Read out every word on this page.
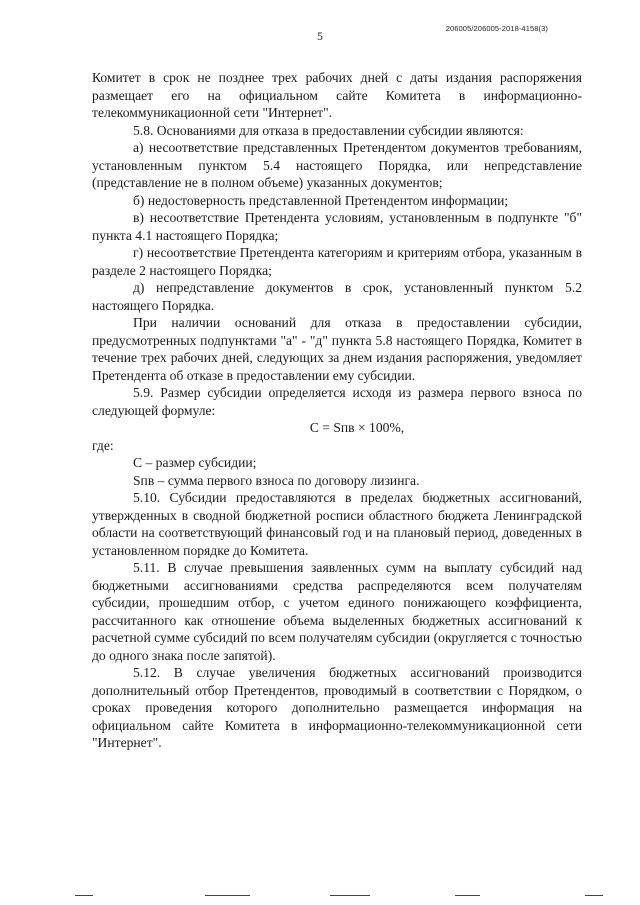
206005/206005-2018-4158(3)
5

Комитет в срок не позднее трех рабочих дней с даты издания распоряжения размещает его на официальном сайте Комитета в информационно-телекоммуникационной сети "Интернет".

5.8. Основаниями для отказа в предоставлении субсидии являются:

а) несоответствие представленных Претендентом документов требованиям, установленным пунктом 5.4 настоящего Порядка, или непредставление (представление не в полном объеме) указанных документов;

б) недостоверность представленной Претендентом информации;

в) несоответствие Претендента условиям, установленным в подпункте "б" пункта 4.1 настоящего Порядка;

г) несоответствие Претендента категориям и критериям отбора, указанным в разделе 2 настоящего Порядка;

д) непредставление документов в срок, установленный пунктом 5.2 настоящего Порядка.

При наличии оснований для отказа в предоставлении субсидии, предусмотренных подпунктами "а" - "д" пункта 5.8 настоящего Порядка, Комитет в течение трех рабочих дней, следующих за днем издания распоряжения, уведомляет Претендента об отказе в предоставлении ему субсидии.

5.9. Размер субсидии определяется исходя из размера первого взноса по следующей формуле:

С = Sпв × 100%,

где:

С – размер субсидии;

Sпв – сумма первого взноса по договору лизинга.

5.10. Субсидии предоставляются в пределах бюджетных ассигнований, утвержденных в сводной бюджетной росписи областного бюджета Ленинградской области на соответствующий финансовый год и на плановый период, доведенных в установленном порядке до Комитета.

5.11. В случае превышения заявленных сумм на выплату субсидий над бюджетными ассигнованиями средства распределяются всем получателям субсидии, прошедшим отбор, с учетом единого понижающего коэффициента, рассчитанного как отношение объема выделенных бюджетных ассигнований к расчетной сумме субсидий по всем получателям субсидии (округляется с точностью до одного знака после запятой).

5.12. В случае увеличения бюджетных ассигнований производится дополнительный отбор Претендентов, проводимый в соответствии с Порядком, о сроках проведения которого дополнительно размещается информация на официальном сайте Комитета в информационно-телекоммуникационной сети "Интернет".
